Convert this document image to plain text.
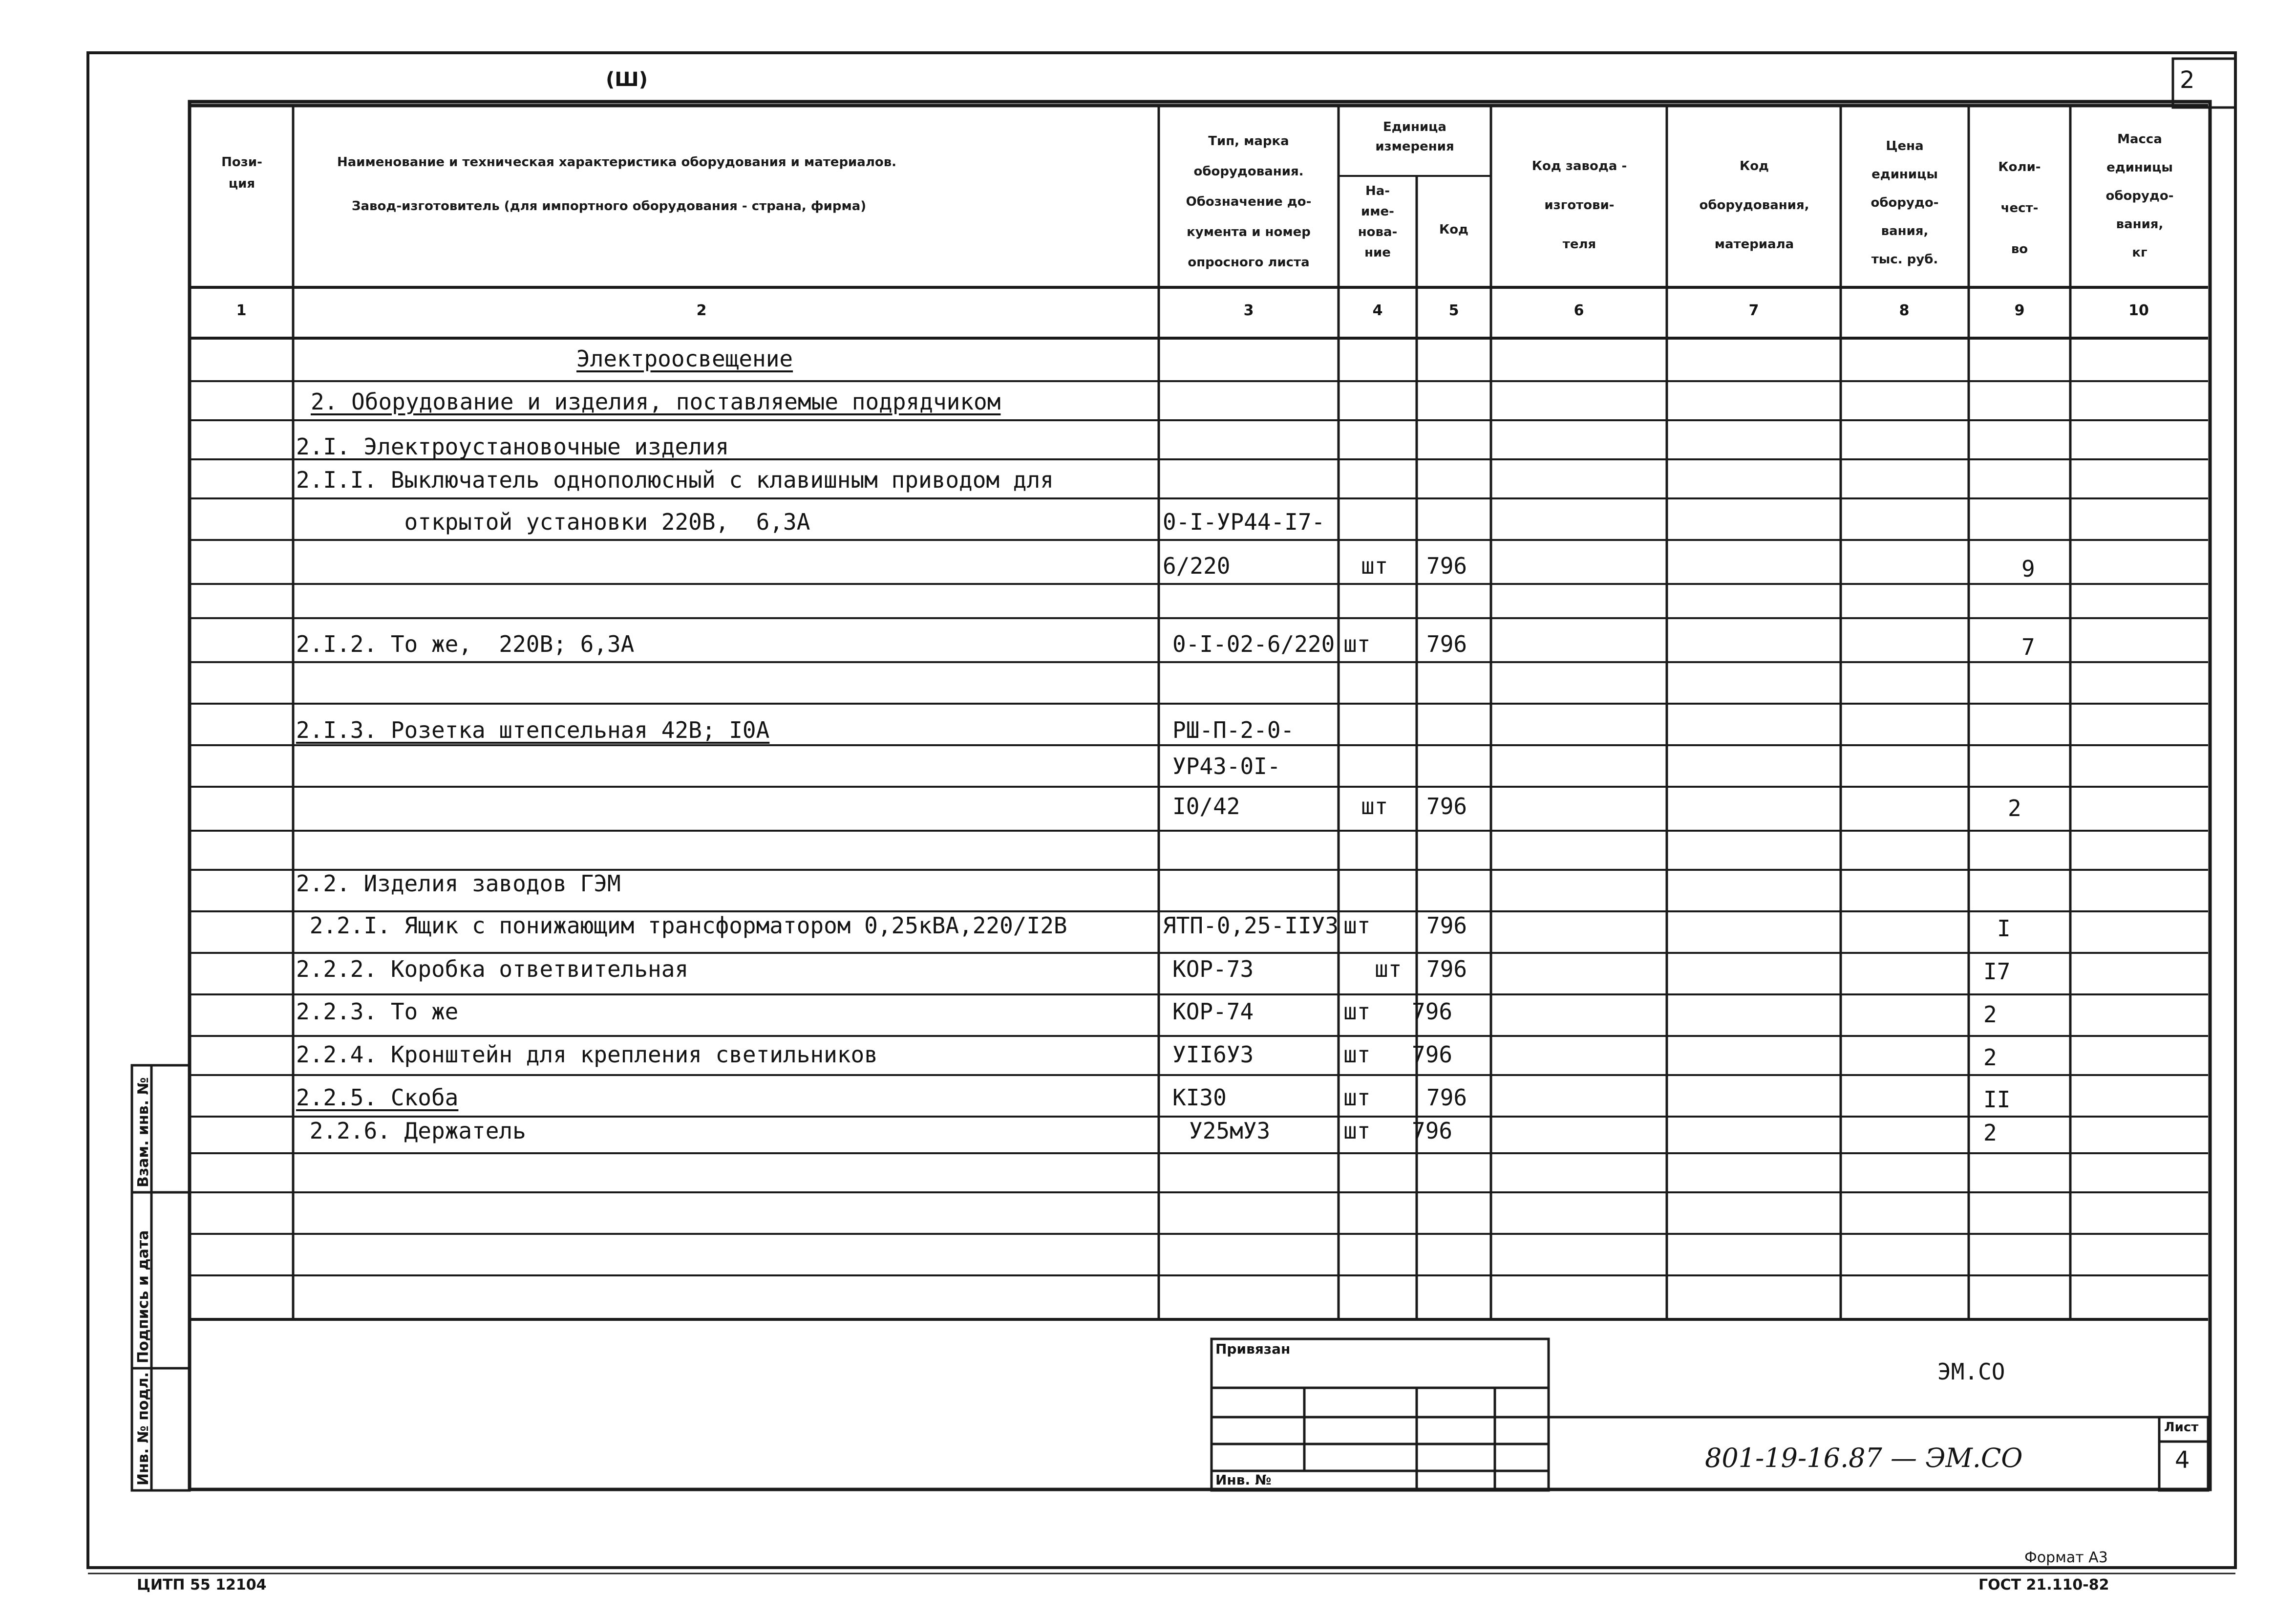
(Ш)	2
Пози-
ция
Наименование и техническая характеристика оборудования и материалов.
Завод-изготовитель (для импортного оборудования - страна, фирма)
Тип, марка
оборудования.
Обозначение до-
кумента и номер
опросного листа
Единица
измерения
На-
име-
нова-
ние
Код
Код завода -
изготови-
теля
Код
оборудования,
материала
Цена
единицы
оборудо-
вания,
тыс. руб.
Коли-
чест-
во
Масса
единицы
оборудо-
вания,
кг
1	2	3	4	5	6	7	8	9	10
Электроосвещение
2. Оборудование и изделия, поставляемые подрядчиком
2.I. Электроустановочные изделия
2.I.I. Выключатель однополюсный с клавишным приводом для
открытой установки 220В,  6,3А	0-I-УР44-I7-
6/220	шт 796	9
2.I.2. То же,  220В; 6,3А	0-I-02-6/220 шт 796	7
2.I.3. Розетка штепсельная 42В; I0А	РШ-П-2-0-
УР43-0I-
I0/42	шт 796	2
2.2. Изделия заводов ГЭМ
2.2.I. Ящик с понижающим трансформатором 0,25кВА,220/I2В	ЯТП-0,25-IIУ3 шт 796	I
2.2.2. Коробка ответвительная	КОР-73	шт 796	I7
2.2.3. То же	КОР-74	шт 796	2
2.2.4. Кронштейн для крепления светильников	УII6У3	шт 796	2
2.2.5. Скоба	КI30	шт 796	II
2.2.6. Держатель	У25мУ3	шт 796	2
Взам. инв. №
Подпись и дата
Инв. № подл.
Привязан
Инв. №
ЭМ.СО
801-19-16.87 — ЭМ.СО
Лист
4
ЦИТП 55 12104
Формат А3
ГОСТ 21.110-82
